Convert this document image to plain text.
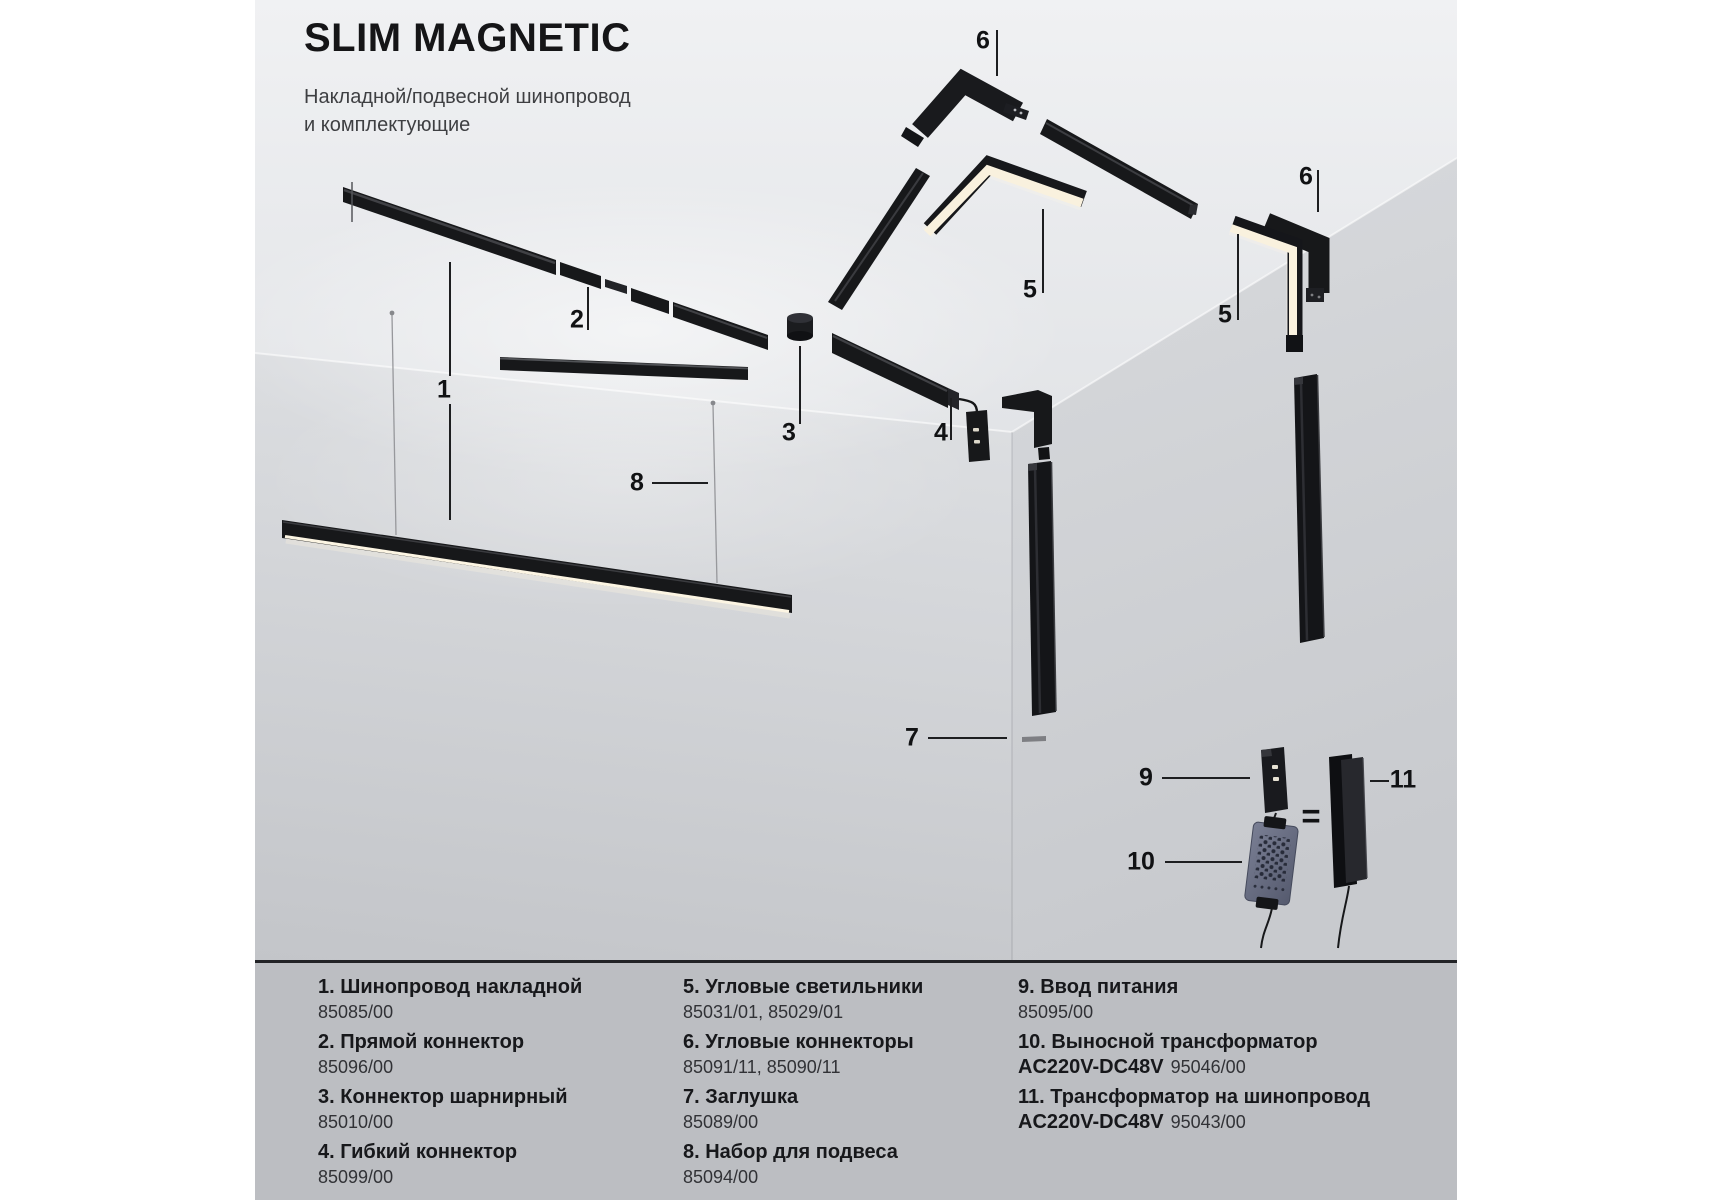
SLIM MAGNETIC
Накладной/подвесной шинопровод
и комплектующие
1
2
3	4
5
6
5
6
7
8
9
10
11
=
1. Шинопровод накладной
85085/00
2. Прямой коннектор
85096/00
3. Коннектор шарнирный
85010/00
4. Гибкий коннектор
85099/00
5. Угловые светильники
85031/01, 85029/01
6. Угловые коннекторы
85091/11, 85090/11
7. Заглушка
85089/00
8. Набор для подвеса
85094/00
9. Ввод питания
85095/00
10. Выносной трансформатор
AC220V-DC48V 95046/00
11. Трансформатор на шинопровод
AC220V-DC48V 95043/00
